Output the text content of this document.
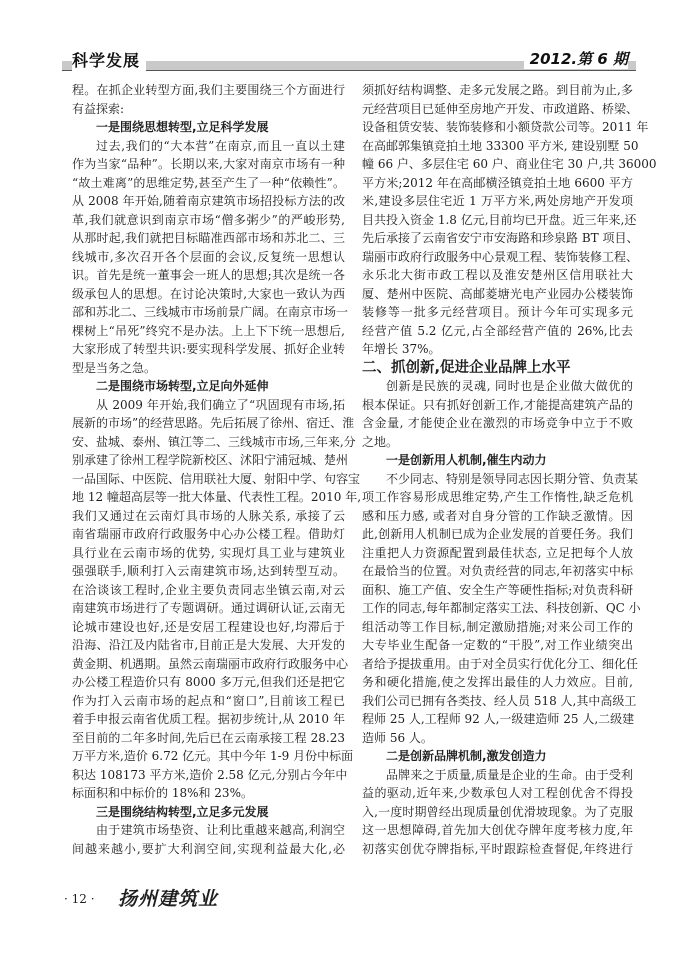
科学发展	2012.第 6 期
程。在抓企业转型方面,我们主要围绕三个方面进行
有益探索:
一是围绕思想转型,立足科学发展
过去,我们的“大本营”在南京,而且一直以土建
作为当家“品种”。长期以来,大家对南京市场有一种
“故土难离”的思维定势,甚至产生了一种“依赖性”。
从 2008 年开始,随着南京建筑市场招投标方法的改
革,我们就意识到南京市场“僧多粥少”的严峻形势,
从那时起,我们就把目标瞄准西部市场和苏北二、三
线城市,多次召开各个层面的会议,反复统一思想认
识。首先是统一董事会一班人的思想;其次是统一各
级承包人的思想。在讨论决策时,大家也一致认为西
部和苏北二、三线城市市场前景广阔。在南京市场一
棵树上“吊死”终究不是办法。上上下下统一思想后,
大家形成了转型共识:要实现科学发展、抓好企业转
型是当务之急。
二是围绕市场转型,立足向外延伸
从 2009 年开始,我们确立了“巩固现有市场,拓
展新的市场”的经营思路。先后拓展了徐州、宿迁、淮
安、盐城、泰州、镇江等二、三线城市市场,三年来,分
别承建了徐州工程学院新校区、沭阳宁浦冠城、楚州
一品国际、中医院、信用联社大厦、射阳中学、句容宝
地 12 幢超高层等一批大体量、代表性工程。2010 年,
我们又通过在云南灯具市场的人脉关系, 承接了云
南省瑞丽市政府行政服务中心办公楼工程。借助灯
具行业在云南市场的优势, 实现灯具工业与建筑业
强强联手,顺利打入云南建筑市场,达到转型互动。
在洽谈该工程时,企业主要负责同志坐镇云南,对云
南建筑市场进行了专题调研。通过调研认证,云南无
论城市建设也好,还是安居工程建设也好,均滞后于
沿海、沿江及内陆省市,目前正是大发展、大开发的
黄金期、机遇期。虽然云南瑞丽市政府行政服务中心
办公楼工程造价只有 8000 多万元,但我们还是把它
作为打入云南市场的起点和“窗口”,目前该工程已
着手申报云南省优质工程。据初步统计,从 2010 年
至目前的二年多时间,先后已在云南承接工程 28.23
万平方米,造价 6.72 亿元。其中今年 1-9 月份中标面
积达 108173 平方米,造价 2.58 亿元,分别占今年中
标面积和中标价的 18%和 23%。
三是围绕结构转型,立足多元发展
由于建筑市场垫资、让利比重越来越高,利润空
间越来越小,要扩大利润空间,实现利益最大化,必
须抓好结构调整、走多元发展之路。到目前为止,多
元经营项目已延伸至房地产开发、市政道路、桥梁、
设备租赁安装、装饰装修和小额贷款公司等。2011 年
在高邮郭集镇竞拍土地 33300 平方米, 建设别墅 50
幢 66 户、多层住宅 60 户、商业住宅 30 户,共 36000
平方米;2012 年在高邮横泾镇竞拍土地 6600 平方
米,建设多层住宅近 1 万平方米,两处房地产开发项
目共投入资金 1.8 亿元,目前均已开盘。近三年来,还
先后承接了云南省安宁市安海路和珍泉路 BT 项目、
瑞丽市政府行政服务中心景观工程、装饰装修工程、
永乐北大街市政工程以及淮安楚州区信用联社大
厦、楚州中医院、高邮菱塘光电产业园办公楼装饰
装修等一批多元经营项目。预计今年可实现多元
经营产值 5.2 亿元,占全部经营产值的 26%,比去
年增长 37%。
二、抓创新,促进企业品牌上水平
创新是民族的灵魂, 同时也是企业做大做优的
根本保证。只有抓好创新工作,才能提高建筑产品的
含金量, 才能使企业在激烈的市场竞争中立于不败
之地。
一是创新用人机制,催生内动力
不少同志、特别是领导同志因长期分管、负责某
项工作容易形成思维定势,产生工作惰性,缺乏危机
感和压力感, 或者对自身分管的工作缺乏激情。因
此,创新用人机制已成为企业发展的首要任务。我们
注重把人力资源配置到最佳状态, 立足把每个人放
在最恰当的位置。对负责经营的同志,年初落实中标
面积、施工产值、安全生产等硬性指标;对负责科研
工作的同志,每年都制定落实工法、科技创新、QC 小
组活动等工作目标,制定激励措施;对来公司工作的
大专毕业生配备一定数的“干股”,对工作业绩突出
者给予提拔重用。由于对全员实行优化分工、细化任
务和硬化措施,使之发挥出最佳的人力效应。目前,
我们公司已拥有各类技、经人员 518 人,其中高级工
程师 25 人,工程师 92 人,一级建造师 25 人,二级建
造师 56 人。
二是创新品牌机制,激发创造力
品牌来之于质量,质量是企业的生命。由于受利
益的驱动,近年来,少数承包人对工程创优舍不得投
入,一度时期曾经出现质量创优滑坡现象。为了克服
这一思想障碍,首先加大创优夺牌年度考核力度,年
初落实创优夺牌指标,平时跟踪检查督促,年终进行
· 12 · 扬州建筑业
